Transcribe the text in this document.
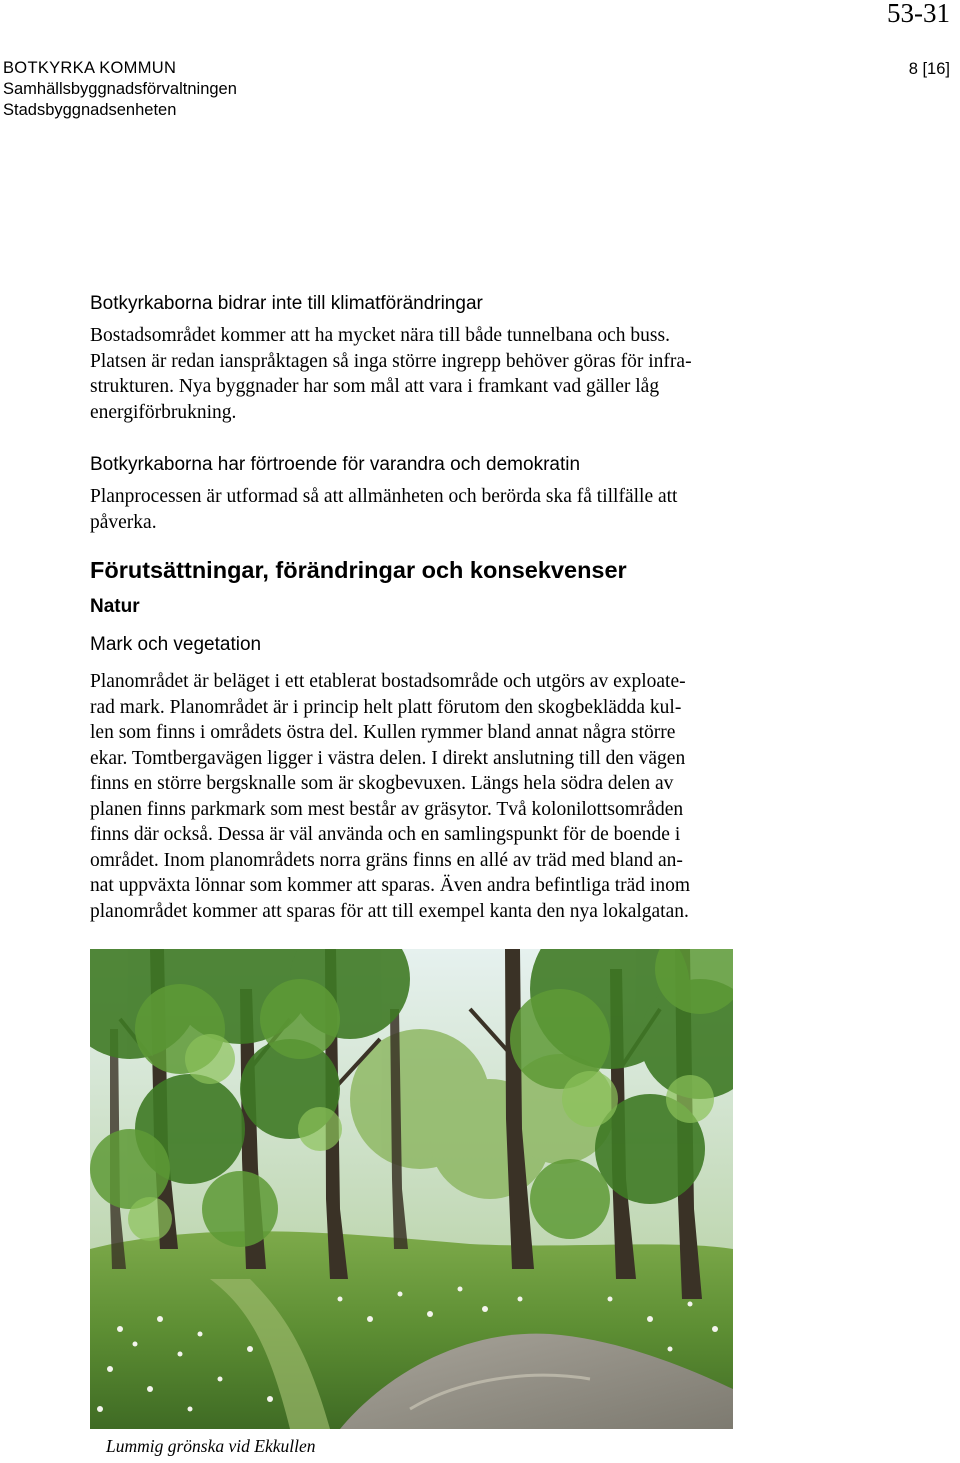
53-31
BOTKYRKA KOMMUN
Samhällsbyggnadsförvaltningen
Stadsbyggnadsenheten
8 [16]
Botkyrkaborna bidrar inte till klimatförändringar
Bostadsområdet kommer att ha mycket nära till både tunnelbana och buss.
Platsen är redan ianspråktagen så inga större ingrepp behöver göras för infra-
strukturen. Nya byggnader har som mål att vara i framkant vad gäller låg
energiförbrukning.
Botkyrkaborna har förtroende för varandra och demokratin
Planprocessen är utformad så att allmänheten och berörda ska få tillfälle att
påverka.
Förutsättningar, förändringar och konsekvenser
Natur
Mark och vegetation
Planområdet är beläget i ett etablerat bostadsområde och utgörs av exploate-
rad mark. Planområdet är i princip helt platt förutom den skogbeklädda kul-
len som finns i områdets östra del. Kullen rymmer bland annat några större
ekar. Tomtbergavägen ligger i västra delen. I direkt anslutning till den vägen
finns en större bergsknalle som är skogbevuxen. Längs hela södra delen av
planen finns parkmark som mest består av gräsytor. Två kolonilottsområden
finns där också. Dessa är väl använda och en samlingspunkt för de boende i
området. Inom planområdets norra gräns finns en allé av träd med bland an-
nat uppväxta lönnar som kommer att sparas. Även andra befintliga träd inom
planområdet kommer att sparas för att till exempel kanta den nya lokalgatan.
Lummig grönska vid Ekkullen
